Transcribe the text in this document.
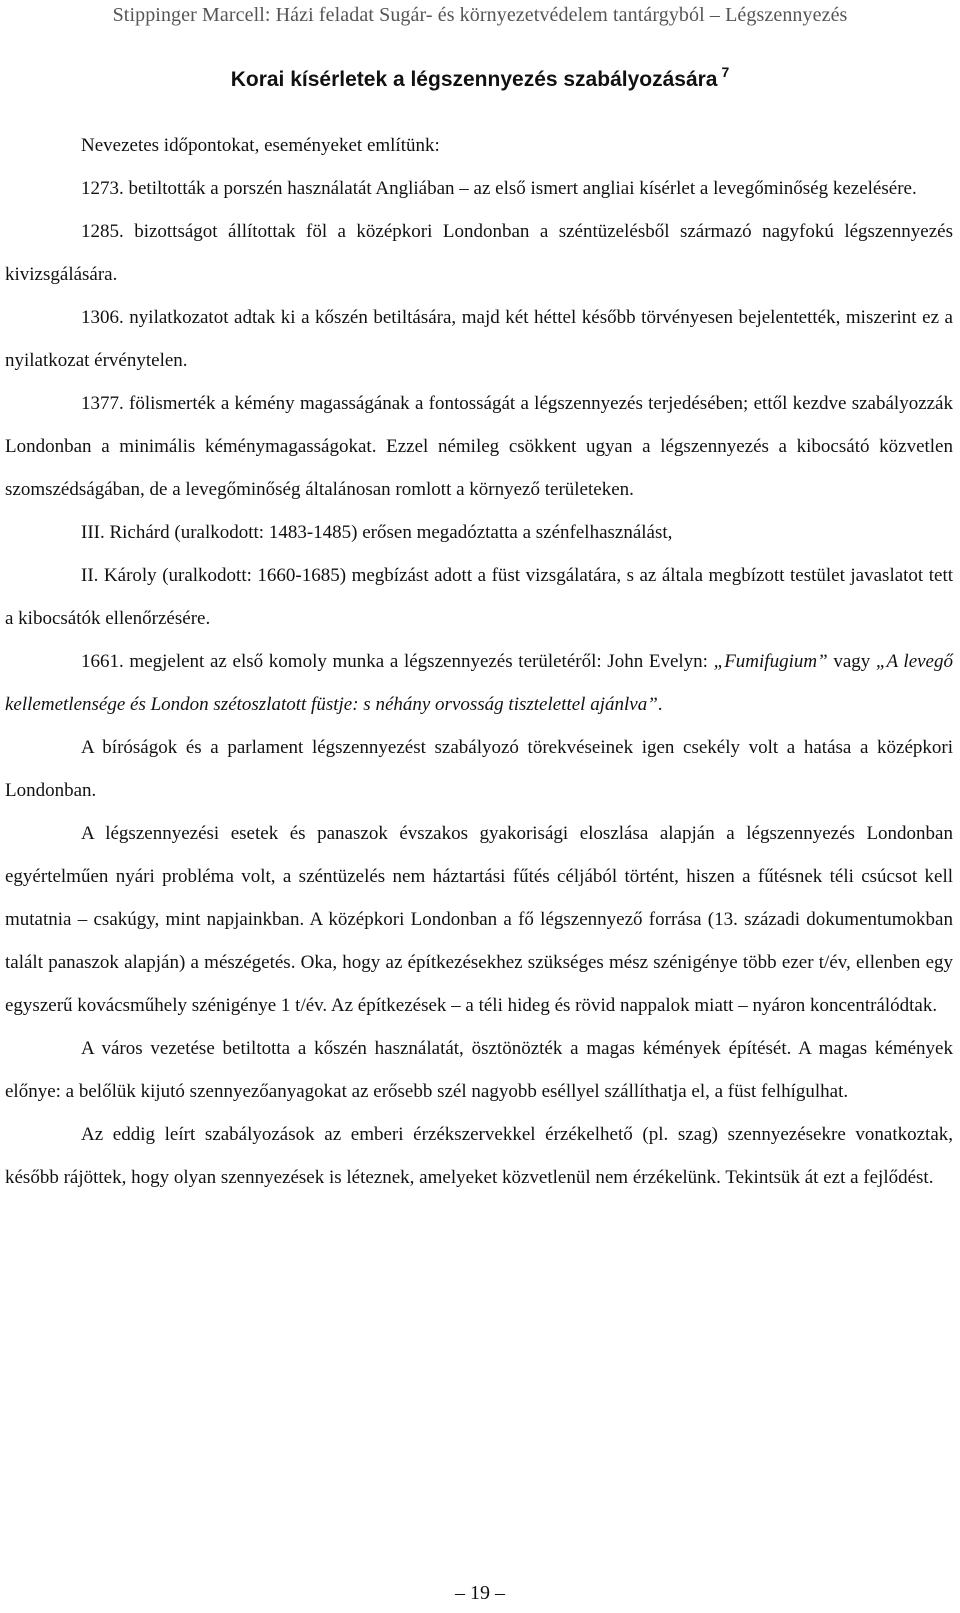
Stippinger Marcell: Házi feladat Sugár- és környezetvédelem tantárgyból – Légszennyezés
Korai kísérletek a légszennyezés szabályozására $^7$

Nevezetes időpontokat, eseményeket említünk:

1273. betiltották a porszén használatát Angliában – az első ismert angliai kísérlet a levegőminőség kezelésére.

1285. bizottságot állítottak föl a középkori Londonban a széntüzelésből származó nagyfokú légszennyezés kivizsgálására.

1306. nyilatkozatot adtak ki a kőszén betiltására, majd két héttel később törvényesen bejelentették, miszerint ez a nyilatkozat érvénytelen.

1377. fölismerték a kémény magasságának a fontosságát a légszennyezés terjedésében; ettől kezdve szabályozzák Londonban a minimális kéménymagasságokat. Ezzel némileg csökkent ugyan a légszennyezés a kibocsátó közvetlen szomszédságában, de a levegőminőség általánosan romlott a környező területeken.

III. Richárd (uralkodott: 1483-1485) erősen megadóztatta a szénfelhasználást,

II. Károly (uralkodott: 1660-1685) megbízást adott a füst vizsgálatára, s az általa megbízott testület javaslatot tett a kibocsátók ellenőrzésére.

1661. megjelent az első komoly munka a légszennyezés területéről: John Evelyn: „Fumifugium” vagy „A levegő kellemetlensége és London szétoszlatott füstje: s néhány orvosság tisztelettel ajánlva”.

A bíróságok és a parlament légszennyezést szabályozó törekvéseinek igen csekély volt a hatása a középkori Londonban.

A légszennyezési esetek és panaszok évszakos gyakorisági eloszlása alapján a légszennyezés Londonban egyértelműen nyári probléma volt, a széntüzelés nem háztartási fűtés céljából történt, hiszen a fűtésnek téli csúcsot kell mutatnia – csakúgy, mint napjainkban. A középkori Londonban a fő légszennyező forrása (13. századi dokumentumokban talált panaszok alapján) a mészégetés. Oka, hogy az építkezésekhez szükséges mész szénigénye több ezer t/év, ellenben egy egyszerű kovácsműhely szénigénye 1 t/év. Az építkezések – a téli hideg és rövid nappalok miatt – nyáron koncentrálódtak.

A város vezetése betiltotta a kőszén használatát, ösztönözték a magas kémények építését. A magas kémények előnye: a belőlük kijutó szennyezőanyagokat az erősebb szél nagyobb eséllyel szállíthatja el, a füst felhígulhat.

Az eddig leírt szabályozások az emberi érzékszervekkel érzékelhető (pl. szag) szennyezésekre vonatkoztak, később rájöttek, hogy olyan szennyezések is léteznek, amelyeket közvetlenül nem érzékelünk. Tekintsük át ezt a fejlődést.

– 19 –
